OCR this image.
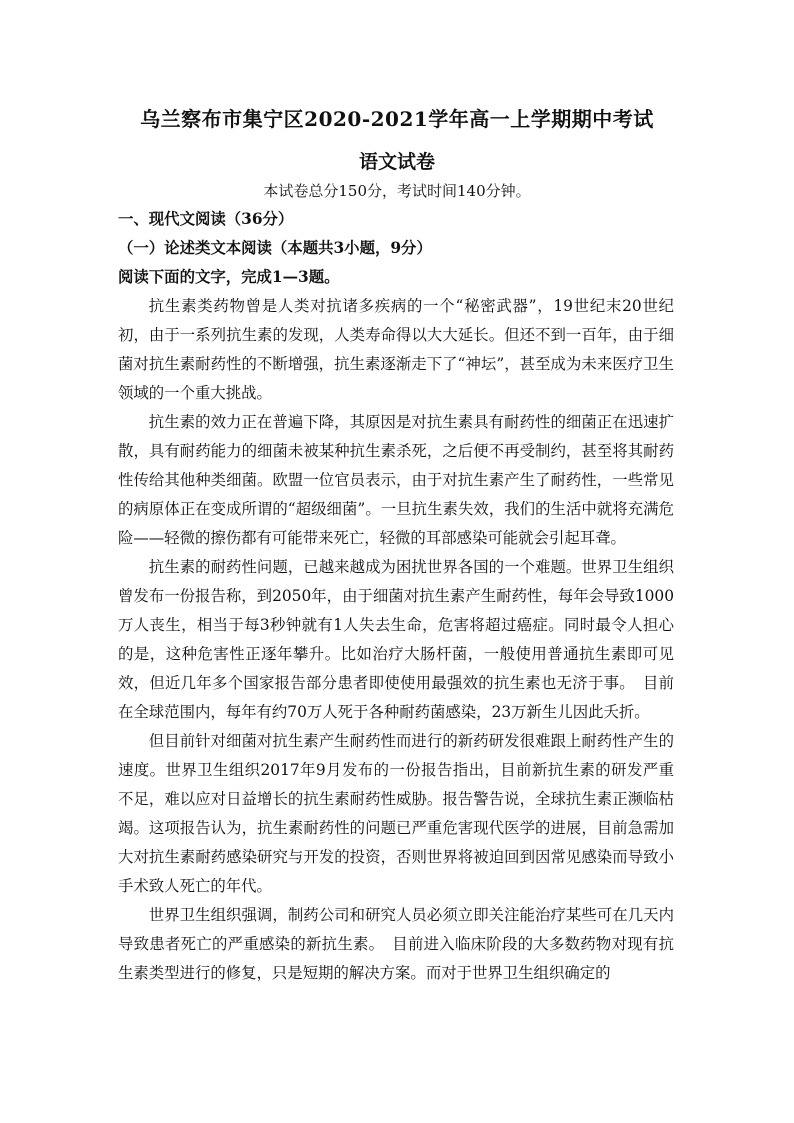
乌兰察布市集宁区2020-2021学年高一上学期期中考试
语文试卷
本试卷总分150分，考试时间140分钟。

一、现代文阅读（36分）

（一）论述类文本阅读（本题共3小题，9分）

阅读下面的文字，完成1—3题。

抗生素类药物曾是人类对抗诸多疾病的一个“秘密武器”，19世纪末20世纪初，由于一系列抗生素的发现，人类寿命得以大大延长。但还不到一百年，由于细菌对抗生素耐药性的不断增强，抗生素逐渐走下了“神坛”，甚至成为未来医疗卫生领域的一个重大挑战。

抗生素的效力正在普遍下降，其原因是对抗生素具有耐药性的细菌正在迅速扩散，具有耐药能力的细菌未被某种抗生素杀死，之后便不再受制约，甚至将其耐药性传给其他种类细菌。欧盟一位官员表示，由于对抗生素产生了耐药性，一些常见的病原体正在变成所谓的“超级细菌”。一旦抗生素失效，我们的生活中就将充满危险——轻微的擦伤都有可能带来死亡，轻微的耳部感染可能就会引起耳聋。

抗生素的耐药性问题，已越来越成为困扰世界各国的一个难题。世界卫生组织曾发布一份报告称，到2050年，由于细菌对抗生素产生耐药性，每年会导致1000万人丧生，相当于每3秒钟就有1人失去生命，危害将超过癌症。同时最令人担心的是，这种危害性正逐年攀升。比如治疗大肠杆菌，一般使用普通抗生素即可见效，但近几年多个国家报告部分患者即使使用最强效的抗生素也无济于事。　目前在全球范围内，每年有约70万人死于各种耐药菌感染，23万新生儿因此夭折。

但目前针对细菌对抗生素产生耐药性而进行的新药研发很难跟上耐药性产生的速度。世界卫生组织2017年9月发布的一份报告指出，目前新抗生素的研发严重不足，难以应对日益增长的抗生素耐药性威胁。报告警告说，全球抗生素正濒临枯竭。这项报告认为，抗生素耐药性的问题已严重危害现代医学的进展，目前急需加大对抗生素耐药感染研究与开发的投资，否则世界将被迫回到因常见感染而导致小手术致人死亡的年代。

世界卫生组织强调，制药公司和研究人员必须立即关注能治疗某些可在几天内导致患者死亡的严重感染的新抗生素。　目前进入临床阶段的大多数药物对现有抗生素类型进行的修复，只是短期的解决方案。而对于世界卫生组织确定的
